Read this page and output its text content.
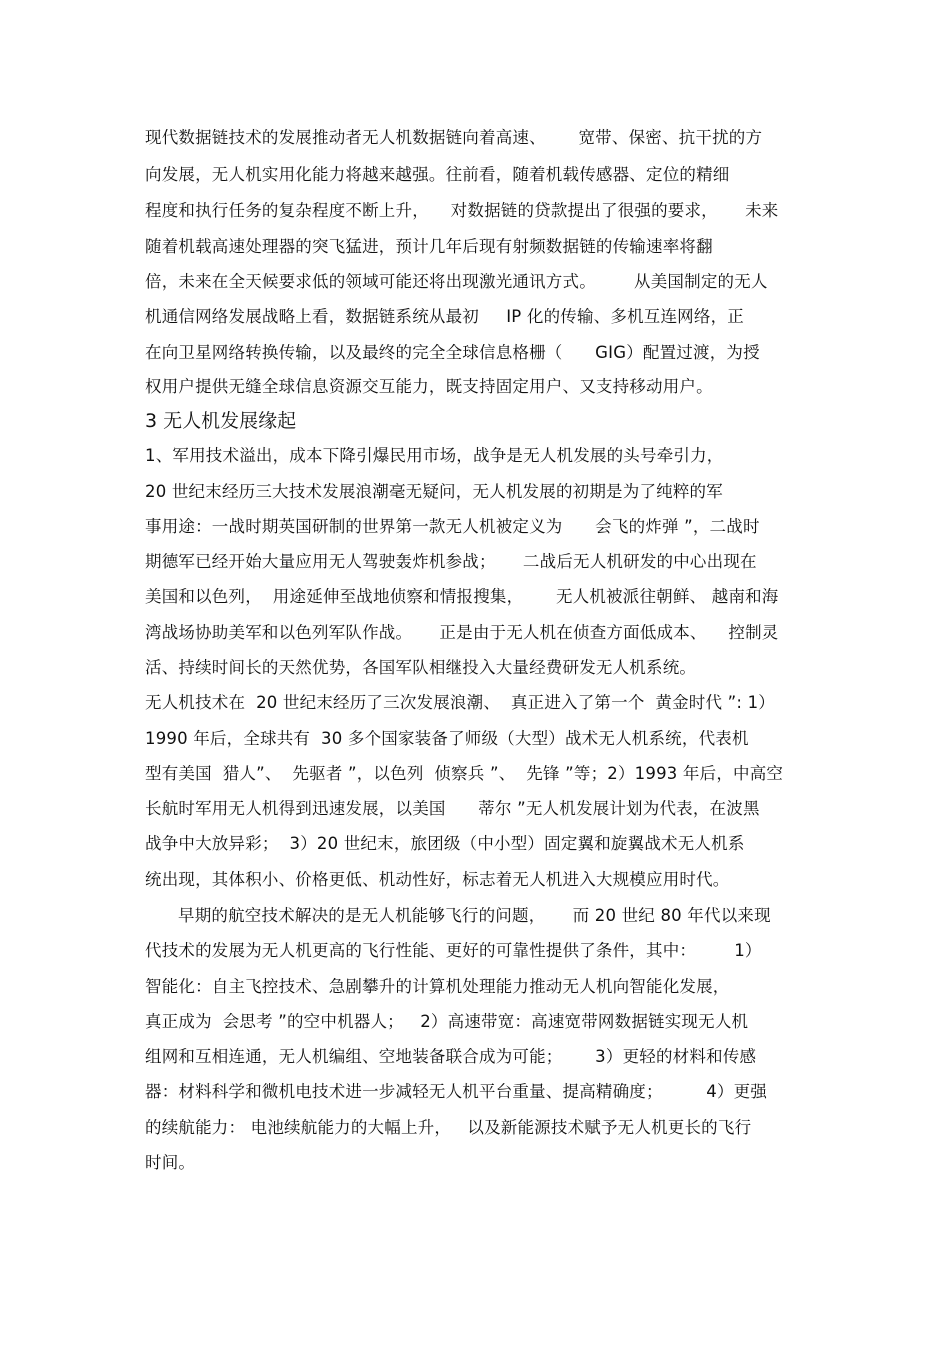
现代数据链技术的发展推动者无人机数据链向着高速、      宽带、保密、抗干扰的方
向发展，无人机实用化能力将越来越强。往前看，随着机载传感器、定位的精细
程度和执行任务的复杂程度不断上升，    对数据链的贷款提出了很强的要求，     未来
随着机载高速处理器的突飞猛进，预计几年后现有射频数据链的传输速率将翻
倍，未来在全天候要求低的领域可能还将出现激光通讯方式。       从美国制定的无人
机通信网络发展战略上看，数据链系统从最初     IP 化的传输、多机互连网络，正
在向卫星网络转换传输，以及最终的完全全球信息格栅（      GIG）配置过渡，为授
权用户提供无缝全球信息资源交互能力，既支持固定用户、又支持移动用户。
3 无人机发展缘起
1、军用技术溢出，成本下降引爆民用市场，战争是无人机发展的头号牵引力，
20 世纪末经历三大技术发展浪潮毫无疑问，无人机发展的初期是为了纯粹的军
事用途：一战时期英国研制的世界第一款无人机被定义为      会飞的炸弹 ”，二战时
期德军已经开始大量应用无人驾驶轰炸机参战；     二战后无人机研发的中心出现在
美国和以色列，  用途延伸至战地侦察和情报搜集，      无人机被派往朝鲜、 越南和海
湾战场协助美军和以色列军队作战。     正是由于无人机在侦查方面低成本、    控制灵
活、持续时间长的天然优势，各国军队相继投入大量经费研发无人机系统。
无人机技术在  20 世纪末经历了三次发展浪潮、  真正进入了第一个  黄金时代 ”: 1）
1990 年后，全球共有  30 多个国家装备了师级（大型）战术无人机系统，代表机
型有美国  猎人”、  先驱者 ”，以色列  侦察兵 ”、  先锋 ”等；2）1993 年后，中高空
长航时军用无人机得到迅速发展，以美国      蒂尔 ”无人机发展计划为代表，在波黑
战争中大放异彩；  3）20 世纪末，旅团级（中小型）固定翼和旋翼战术无人机系
统出现，其体积小、价格更低、机动性好，标志着无人机进入大规模应用时代。
早期的航空技术解决的是无人机能够飞行的问题，     而 20 世纪 80 年代以来现
代技术的发展为无人机更高的飞行性能、更好的可靠性提供了条件，其中：       1）
智能化：自主飞控技术、急剧攀升的计算机处理能力推动无人机向智能化发展，
真正成为  会思考 ”的空中机器人；   2）高速带宽：高速宽带网数据链实现无人机
组网和互相连通，无人机编组、空地装备联合成为可能；      3）更轻的材料和传感
器：材料科学和微机电技术进一步减轻无人机平台重量、提高精确度；        4）更强
的续航能力： 电池续航能力的大幅上升，   以及新能源技术赋予无人机更长的飞行
时间。
